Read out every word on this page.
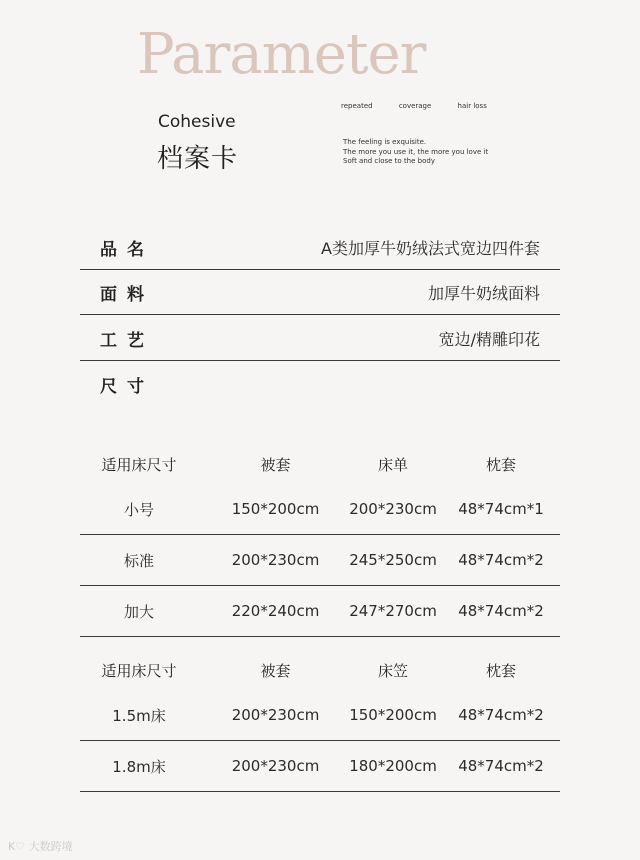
Parameter
Cohesive
档案卡
repeated	coverage	hair loss
The feeling is exquisite.
The more you use it, the more you love it
Soft and close to the body
品名	A类加厚牛奶绒法式宽边四件套
面料	加厚牛奶绒面料
工艺	宽边/精雕印花
尺寸
适用床尺寸	被套	床单	枕套
小号	150*200cm	200*230cm	48*74cm*1
标准	200*230cm	245*250cm	48*74cm*2
加大	220*240cm	247*270cm	48*74cm*2
适用床尺寸	被套	床笠	枕套
1.5m床	200*230cm	150*200cm	48*74cm*2
1.8m床	200*230cm	180*200cm	48*74cm*2
K♡ 大数跨境
